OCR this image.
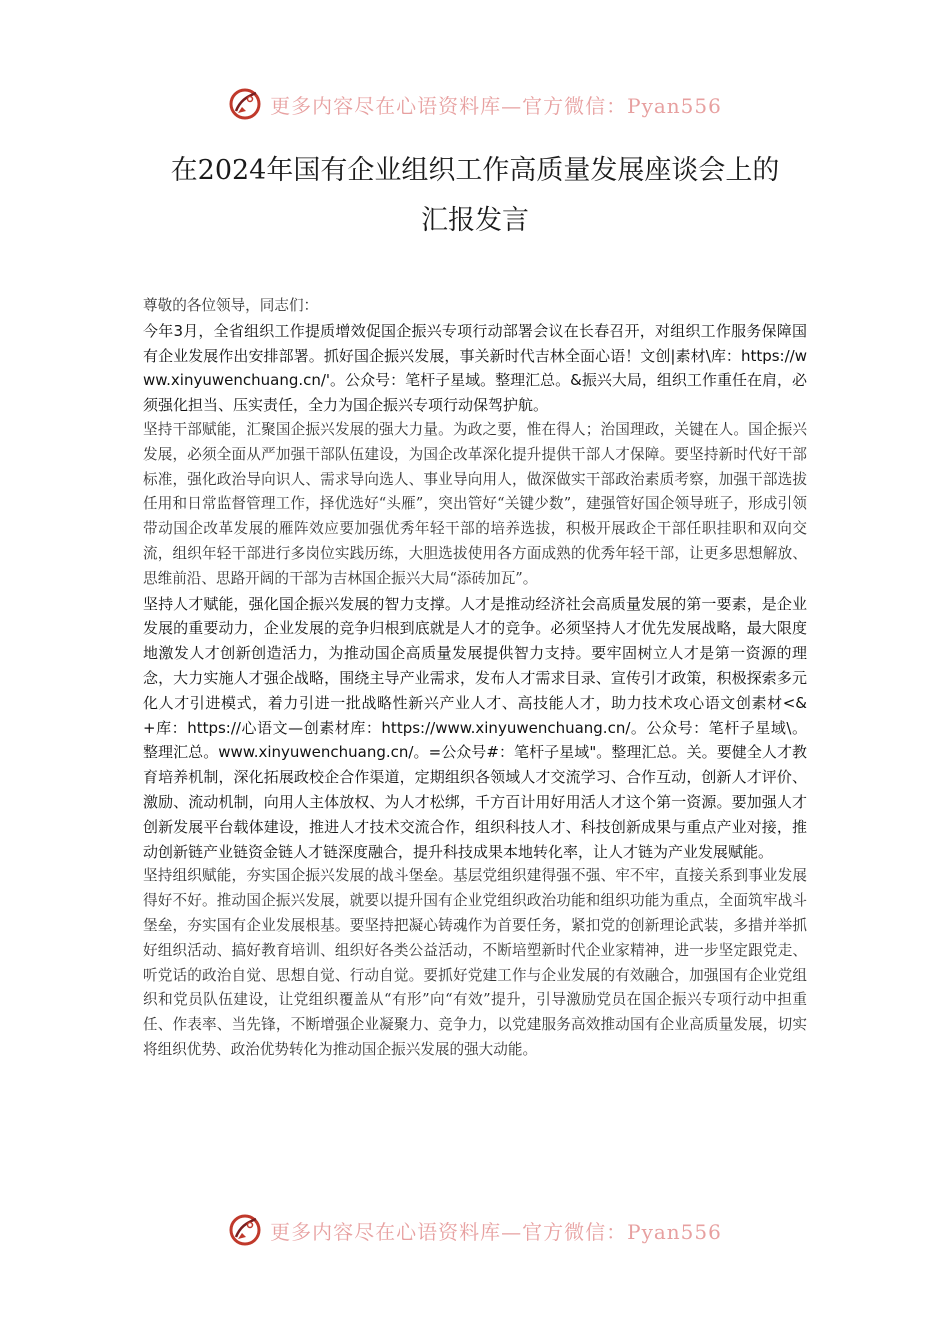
更多内容尽在心语资料库—官方微信：Pyan556
在2024年国有企业组织工作高质量发展座谈会上的
汇报发言

尊敬的各位领导，同志们：

今年3月，全省组织工作提质增效促国企振兴专项行动部署会议在长春召开，对组织工作服务保障国有企业发展作出安排部署。抓好国企振兴发展，事关新时代吉林全面心语！文创|素材\库：https://www.xinyuwenchuang.cn/'。公众号：笔杆子星域。整理汇总。&振兴大局，组织工作重任在肩，必须强化担当、压实责任，全力为国企振兴专项行动保驾护航。

坚持干部赋能，汇聚国企振兴发展的强大力量。为政之要，惟在得人；治国理政，关键在人。国企振兴发展，必须全面从严加强干部队伍建设，为国企改革深化提升提供干部人才保障。要坚持新时代好干部标准，强化政治导向识人、需求导向选人、事业导向用人，做深做实干部政治素质考察，加强干部选拔任用和日常监督管理工作，择优选好“头雁”，突出管好“关键少数”，建强管好国企领导班子，形成引领带动国企改革发展的雁阵效应要加强优秀年轻干部的培养选拔，积极开展政企干部任职挂职和双向交流，组织年轻干部进行多岗位实践历练，大胆选拔使用各方面成熟的优秀年轻干部，让更多思想解放、思维前沿、思路开阔的干部为吉林国企振兴大局“添砖加瓦”。

坚持人才赋能，强化国企振兴发展的智力支撑。人才是推动经济社会高质量发展的第一要素，是企业发展的重要动力，企业发展的竞争归根到底就是人才的竞争。必须坚持人才优先发展战略，最大限度地激发人才创新创造活力，为推动国企高质量发展提供智力支持。要牢固树立人才是第一资源的理念，大力实施人才强企战略，围绕主导产业需求，发布人才需求目录、宣传引才政策，积极探索多元化人才引进模式，着力引进一批战略性新兴产业人才、高技能人才，助力技术攻心语文创素材<&+库：https://心语文—创素材库：https://www.xinyuwenchuang.cn/。公众号：笔杆子星域\。整理汇总。www.xinyuwenchuang.cn/。=公众号#：笔杆子星域"。整理汇总。关。要健全人才教育培养机制，深化拓展政校企合作渠道，定期组织各领域人才交流学习、合作互动，创新人才评价、激励、流动机制，向用人主体放权、为人才松绑，千方百计用好用活人才这个第一资源。要加强人才创新发展平台载体建设，推进人才技术交流合作，组织科技人才、科技创新成果与重点产业对接，推动创新链产业链资金链人才链深度融合，提升科技成果本地转化率，让人才链为产业发展赋能。

坚持组织赋能，夯实国企振兴发展的战斗堡垒。基层党组织建得强不强、牢不牢，直接关系到事业发展得好不好。推动国企振兴发展，就要以提升国有企业党组织政治功能和组织功能为重点，全面筑牢战斗堡垒，夯实国有企业发展根基。要坚持把凝心铸魂作为首要任务，紧扣党的创新理论武装，多措并举抓好组织活动、搞好教育培训、组织好各类公益活动，不断培塑新时代企业家精神，进一步坚定跟党走、听党话的政治自觉、思想自觉、行动自觉。要抓好党建工作与企业发展的有效融合，加强国有企业党组织和党员队伍建设，让党组织覆盖从“有形”向“有效”提升，引导激励党员在国企振兴专项行动中担重任、作表率、当先锋，不断增强企业凝聚力、竞争力，以党建服务高效推动国有企业高质量发展，切实将组织优势、政治优势转化为推动国企振兴发展的强大动能。

更多内容尽在心语资料库—官方微信：Pyan556
